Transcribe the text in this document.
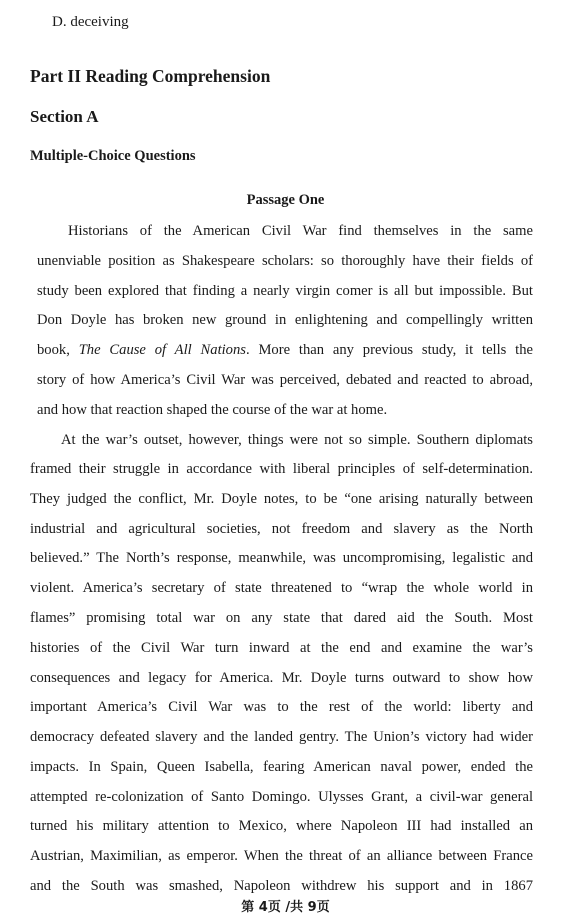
D. deceiving
Part II Reading Comprehension
Section A
Multiple-Choice Questions
Passage One
Historians of the American Civil War find themselves in the same
unenviable position as Shakespeare scholars: so thoroughly have their fields of
study been explored that finding a nearly virgin comer is all but impossible. But
Don Doyle has broken new ground in enlightening and compellingly written
book, The Cause of All Nations. More than any previous study, it tells the
story of how America’s Civil War was perceived, debated and reacted to abroad,
and how that reaction shaped the course of the war at home.
At the war’s outset, however, things were not so simple. Southern diplomats
framed their struggle in accordance with liberal principles of self-determination.
They judged the conflict, Mr. Doyle notes, to be “one arising naturally between
industrial and agricultural societies, not freedom and slavery as the North
believed.” The North’s response, meanwhile, was uncompromising, legalistic and
violent. America’s secretary of state threatened to “wrap the whole world in
flames” promising total war on any state that dared aid the South. Most
histories of the Civil War turn inward at the end and examine the war’s
consequences and legacy for America. Mr. Doyle turns outward to show how
important America’s Civil War was to the rest of the world: liberty and
democracy defeated slavery and the landed gentry. The Union’s victory had wider
impacts. In Spain, Queen Isabella, fearing American naval power, ended the
attempted re-colonization of Santo Domingo. Ulysses Grant, a civil-war general
turned his military attention to Mexico, where Napoleon III had installed an
Austrian, Maximilian, as emperor. When the threat of an alliance between France
and the South was smashed, Napoleon withdrew his support and in 1867
第 4页 /共 9页
